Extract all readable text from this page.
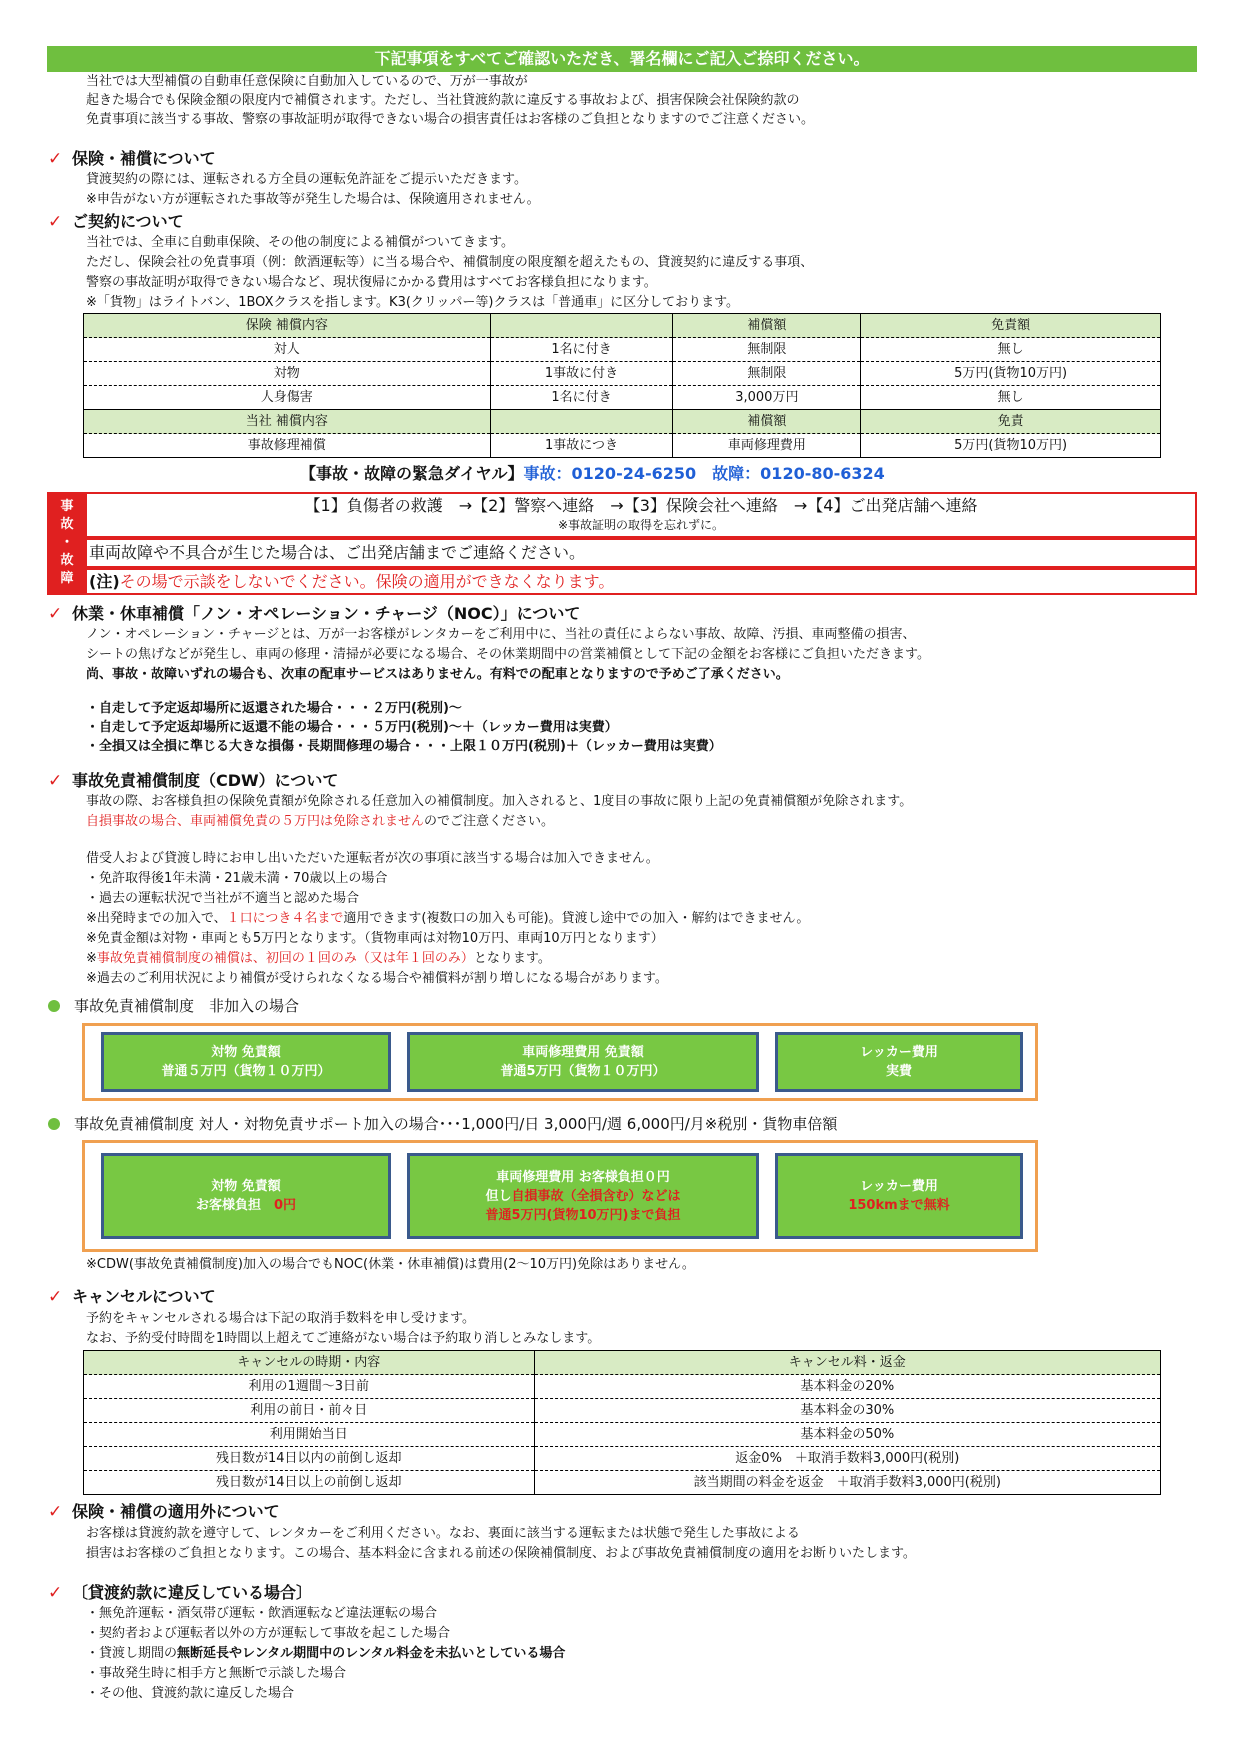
下記事項をすべてご確認いただき、署名欄にご記入ご捺印ください。
当社では大型補償の自動車任意保険に自動加入しているので、万が一事故が
起きた場合でも保険金額の限度内で補償されます。ただし、当社貸渡約款に違反する事故および、損害保険会社保険約款の
免責事項に該当する事故、警察の事故証明が取得できない場合の損害責任はお客様のご負担となりますのでご注意ください。
✓ 保険・補償について
貸渡契約の際には、運転される方全員の運転免許証をご提示いただきます。
※申告がない方が運転された事故等が発生した場合は、保険適用されません。
✓ ご契約について
当社では、全車に自動車保険、その他の制度による補償がついてきます。
ただし、保険会社の免責事項（例：飲酒運転等）に当る場合や、補償制度の限度額を超えたもの、貸渡契約に違反する事項、
警察の事故証明が取得できない場合など、現状復帰にかかる費用はすべてお客様負担になります。
※「貨物」はライトバン、1BOXクラスを指します。K3(クリッパー等)クラスは「普通車」に区分しております。
保険 補償内容		補償額	免責額
対人	1名に付き	無制限	無し
対物	1事故に付き	無制限	5万円(貨物10万円)
人身傷害	1名に付き	3,000万円	無し
当社 補償内容		補償額	免責
事故修理補償	1事故につき	車両修理費用	5万円(貨物10万円)
【事故・故障の緊急ダイヤル】事故：0120-24-6250　 故障：0120-80-6324
事
故
・
故
障
【1】負傷者の救護　→【2】警察へ連絡　→【3】保険会社へ連絡　→【4】ご出発店舗へ連絡
※事故証明の取得を忘れずに。
車両故障や不具合が生じた場合は、ご出発店舗までご連絡ください。
(注)その場で示談をしないでください。保険の適用ができなくなります。
✓ 休業・休車補償「ノン・オペレーション・チャージ（NOC）」について
ノン・オペレーション・チャージとは、万が一お客様がレンタカーをご利用中に、当社の責任によらない事故、故障、汚損、車両整備の損害、
シートの焦げなどが発生し、車両の修理・清掃が必要になる場合、その休業期間中の営業補償として下記の金額をお客様にご負担いただきます。
尚、事故・故障いずれの場合も、次車の配車サービスはありません。有料での配車となりますので予めご了承ください。
・自走して予定返却場所に返還された場合・・・２万円(税別)～
・自走して予定返却場所に返還不能の場合・・・５万円(税別)～＋（レッカー費用は実費）
・全損又は全損に準じる大きな損傷・長期間修理の場合・・・上限１０万円(税別)＋（レッカー費用は実費）
✓ 事故免責補償制度（CDW）について
事故の際、お客様負担の保険免責額が免除される任意加入の補償制度。加入されると、1度目の事故に限り上記の免責補償額が免除されます。
自損事故の場合、車両補償免責の５万円は免除されませんのでご注意ください。
借受人および貸渡し時にお申し出いただいた運転者が次の事項に該当する場合は加入できません。
・免許取得後1年未満・21歳未満・70歳以上の場合
・過去の運転状況で当社が不適当と認めた場合
※出発時までの加入で、１口につき４名まで適用できます(複数口の加入も可能)。貸渡し途中での加入・解約はできません。
※免責金額は対物・車両とも5万円となります。（貨物車両は対物10万円、車両10万円となります）
※事故免責補償制度の補償は、初回の１回のみ（又は年１回のみ）となります。
※過去のご利用状況により補償が受けられなくなる場合や補償料が割り増しになる場合があります。
事故免責補償制度　非加入の場合
対物 免責額
普通５万円（貨物１０万円）
車両修理費用 免責額
普通5万円（貨物１０万円）
レッカー費用
実費
事故免責補償制度 対人・対物免責サポート加入の場合･･･1,000円/日 3,000円/週 6,000円/月※税別・貨物車倍額
対物 免責額
お客様負担　0円
車両修理費用 お客様負担０円
但し自損事故（全損含む）などは
普通5万円(貨物10万円)まで負担
レッカー費用
150kmまで無料
※CDW(事故免責補償制度)加入の場合でもNOC(休業・休車補償)は費用(2～10万円)免除はありません。
✓ キャンセルについて
予約をキャンセルされる場合は下記の取消手数料を申し受けます。
なお、予約受付時間を1時間以上超えてご連絡がない場合は予約取り消しとみなします。
キャンセルの時期・内容	キャンセル料・返金
利用の1週間～3日前	基本料金の20%
利用の前日・前々日	基本料金の30%
利用開始当日	基本料金の50%
残日数が14日以内の前倒し返却	返金0%　＋取消手数料3,000円(税別)
残日数が14日以上の前倒し返却	該当期間の料金を返金　＋取消手数料3,000円(税別)
✓ 保険・補償の適用外について
お客様は貸渡約款を遵守して、レンタカーをご利用ください。なお、裏面に該当する運転または状態で発生した事故による
損害はお客様のご負担となります。この場合、基本料金に含まれる前述の保険補償制度、および事故免責補償制度の適用をお断りいたします。
✓ 〔貸渡約款に違反している場合〕
・無免許運転・酒気帯び運転・飲酒運転など違法運転の場合
・契約者および運転者以外の方が運転して事故を起こした場合
・貸渡し期間の無断延長やレンタル期間中のレンタル料金を未払いとしている場合
・事故発生時に相手方と無断で示談した場合
・その他、貸渡約款に違反した場合
